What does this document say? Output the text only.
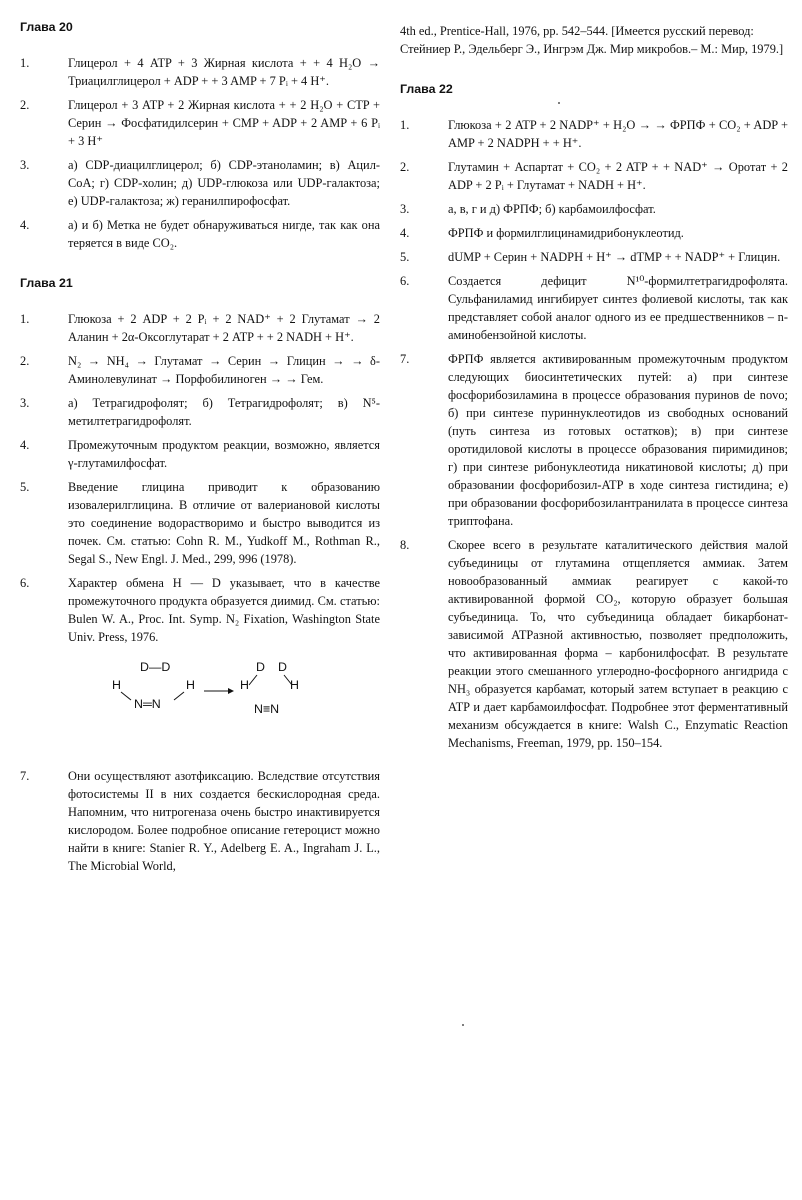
Глава 20
1.	Глицерол + 4 ATP + 3 Жирная кислота + + 4 H₂O → Триацилглицерол + ADP + + 3 AMP + 7 Pᵢ + 4 H⁺.
2.	Глицерол + 3 ATP + 2 Жирная кислота + + 2 H₂O + CTP + Серин → Фосфатидилсерин + CMP + ADP + 2 AMP + 6 Pᵢ + 3 H⁺
3.	а) CDP-диацилглицерол; б) CDP-этаноламин; в) Ацил-CoA; г) CDP-холин; д) UDP-глюкоза или UDP-галактоза; е) UDP-галактоза; ж) геранилпирофосфат.
4.	а) и б) Метка не будет обнаруживаться нигде, так как она теряется в виде CO₂.
Глава 21
1.	Глюкоза + 2 ADP + 2 Pᵢ + 2 NAD⁺ + 2 Глутамат → 2 Аланин + 2α-Оксоглутарат + 2 ATP + + 2 NADH + H⁺.
2.	N₂ → NH₄ → Глутамат → Серин → Глицин → → δ-Аминолевулинат → Порфобилиноген → → Гем.
3.	а) Тетрагидрофолят; б) Тетрагидрофолят; в) N⁵-метилтетрагидрофолят.
4.	Промежуточным продуктом реакции, возможно, является γ-глутамилфосфат.
5.	Введение глицина приводит к образованию изовалерилглицина. В отличие от валериановой кислоты это соединение водорастворимо и быстро выводится из почек. См. статью: Cohn R. M., Yudkoff M., Rothman R., Segal S., New Engl. J. Med., 299, 996 (1978).
6.	Характер обмена H — D указывает, что в качестве промежуточного продукта образуется диимид. См. статью: Bulen W. A., Proc. Int. Symp. N₂ Fixation, Washington State Univ. Press, 1976.
D—D
H
N═N
H	H
D D
H
N≡N
7.	Они осуществляют азотфиксацию. Вследствие отсутствия фотосистемы II в них создается бескислородная среда. Напомним, что нитрогеназа очень быстро инактивируется кислородом. Более подробное описание гетероцист можно найти в книге: Stanier R. Y., Adelberg E. A., Ingraham J. L., The Microbial World,
4th ed., Prentice-Hall, 1976, pp. 542–544. [Имеется русский перевод: Стейниер Р., Эдельберг Э., Ингрэм Дж. Мир микробов.– М.: Мир, 1979.]
Глава 22
1.	Глюкоза + 2 ATP + 2 NADP⁺ + H₂O → → ФРПФ + CO₂ + ADP + AMP + 2 NADPH + + H⁺.
2.	Глутамин + Аспартат + CO₂ + 2 ATP + + NAD⁺ → Оротат + 2 ADP + 2 Pᵢ + Глутамат + NADH + H⁺.
3.	а, в, г и д) ФРПФ; б) карбамоилфосфат.
4.	ФРПФ и формилглицинамидрибонуклеотид.
5.	dUMP + Серин + NADPH + H⁺ → dTMP + + NADP⁺ + Глицин.
6.	Создается дефицит N¹⁰-формилтетрагидрофолята. Сульфаниламид ингибирует синтез фолиевой кислоты, так как представляет собой аналог одного из ее предшественников – n-аминобензойной кислоты.
7.	ФРПФ является активированным промежуточным продуктом следующих биосинтетических путей: а) при синтезе фосфорибозиламина в процессе образования пуринов de novo; б) при синтезе пуриннуклеотидов из свободных оснований (путь синтеза из готовых остатков); в) при синтезе оротидиловой кислоты в процессе образования пиримидинов; г) при синтезе рибонуклеотида никатиновой кислоты; д) при образовании фосфорибозил-ATP в ходе синтеза гистидина; е) при образовании фосфорибозилантранилата в процессе синтеза триптофана.
8.	Скорее всего в результате каталитического действия малой субъединицы от глутамина отщепляется аммиак. Затем новообразованный аммиак реагирует с какой-то активированной формой CO₂, которую образует большая субъединица. То, что субъединица обладает бикарбонат-зависимой ATPазной активностью, позволяет предположить, что активированная форма – карбонилфосфат. В результате реакции этого смешанного углеродно-фосфорного ангидрида с NH₃ образуется карбамат, который затем вступает в реакцию с ATP и дает карбамоилфосфат. Подробнее этот ферментативный механизм обсуждается в книге: Walsh C., Enzymatic Reaction Mechanisms, Freeman, 1979, pp. 150–154.
